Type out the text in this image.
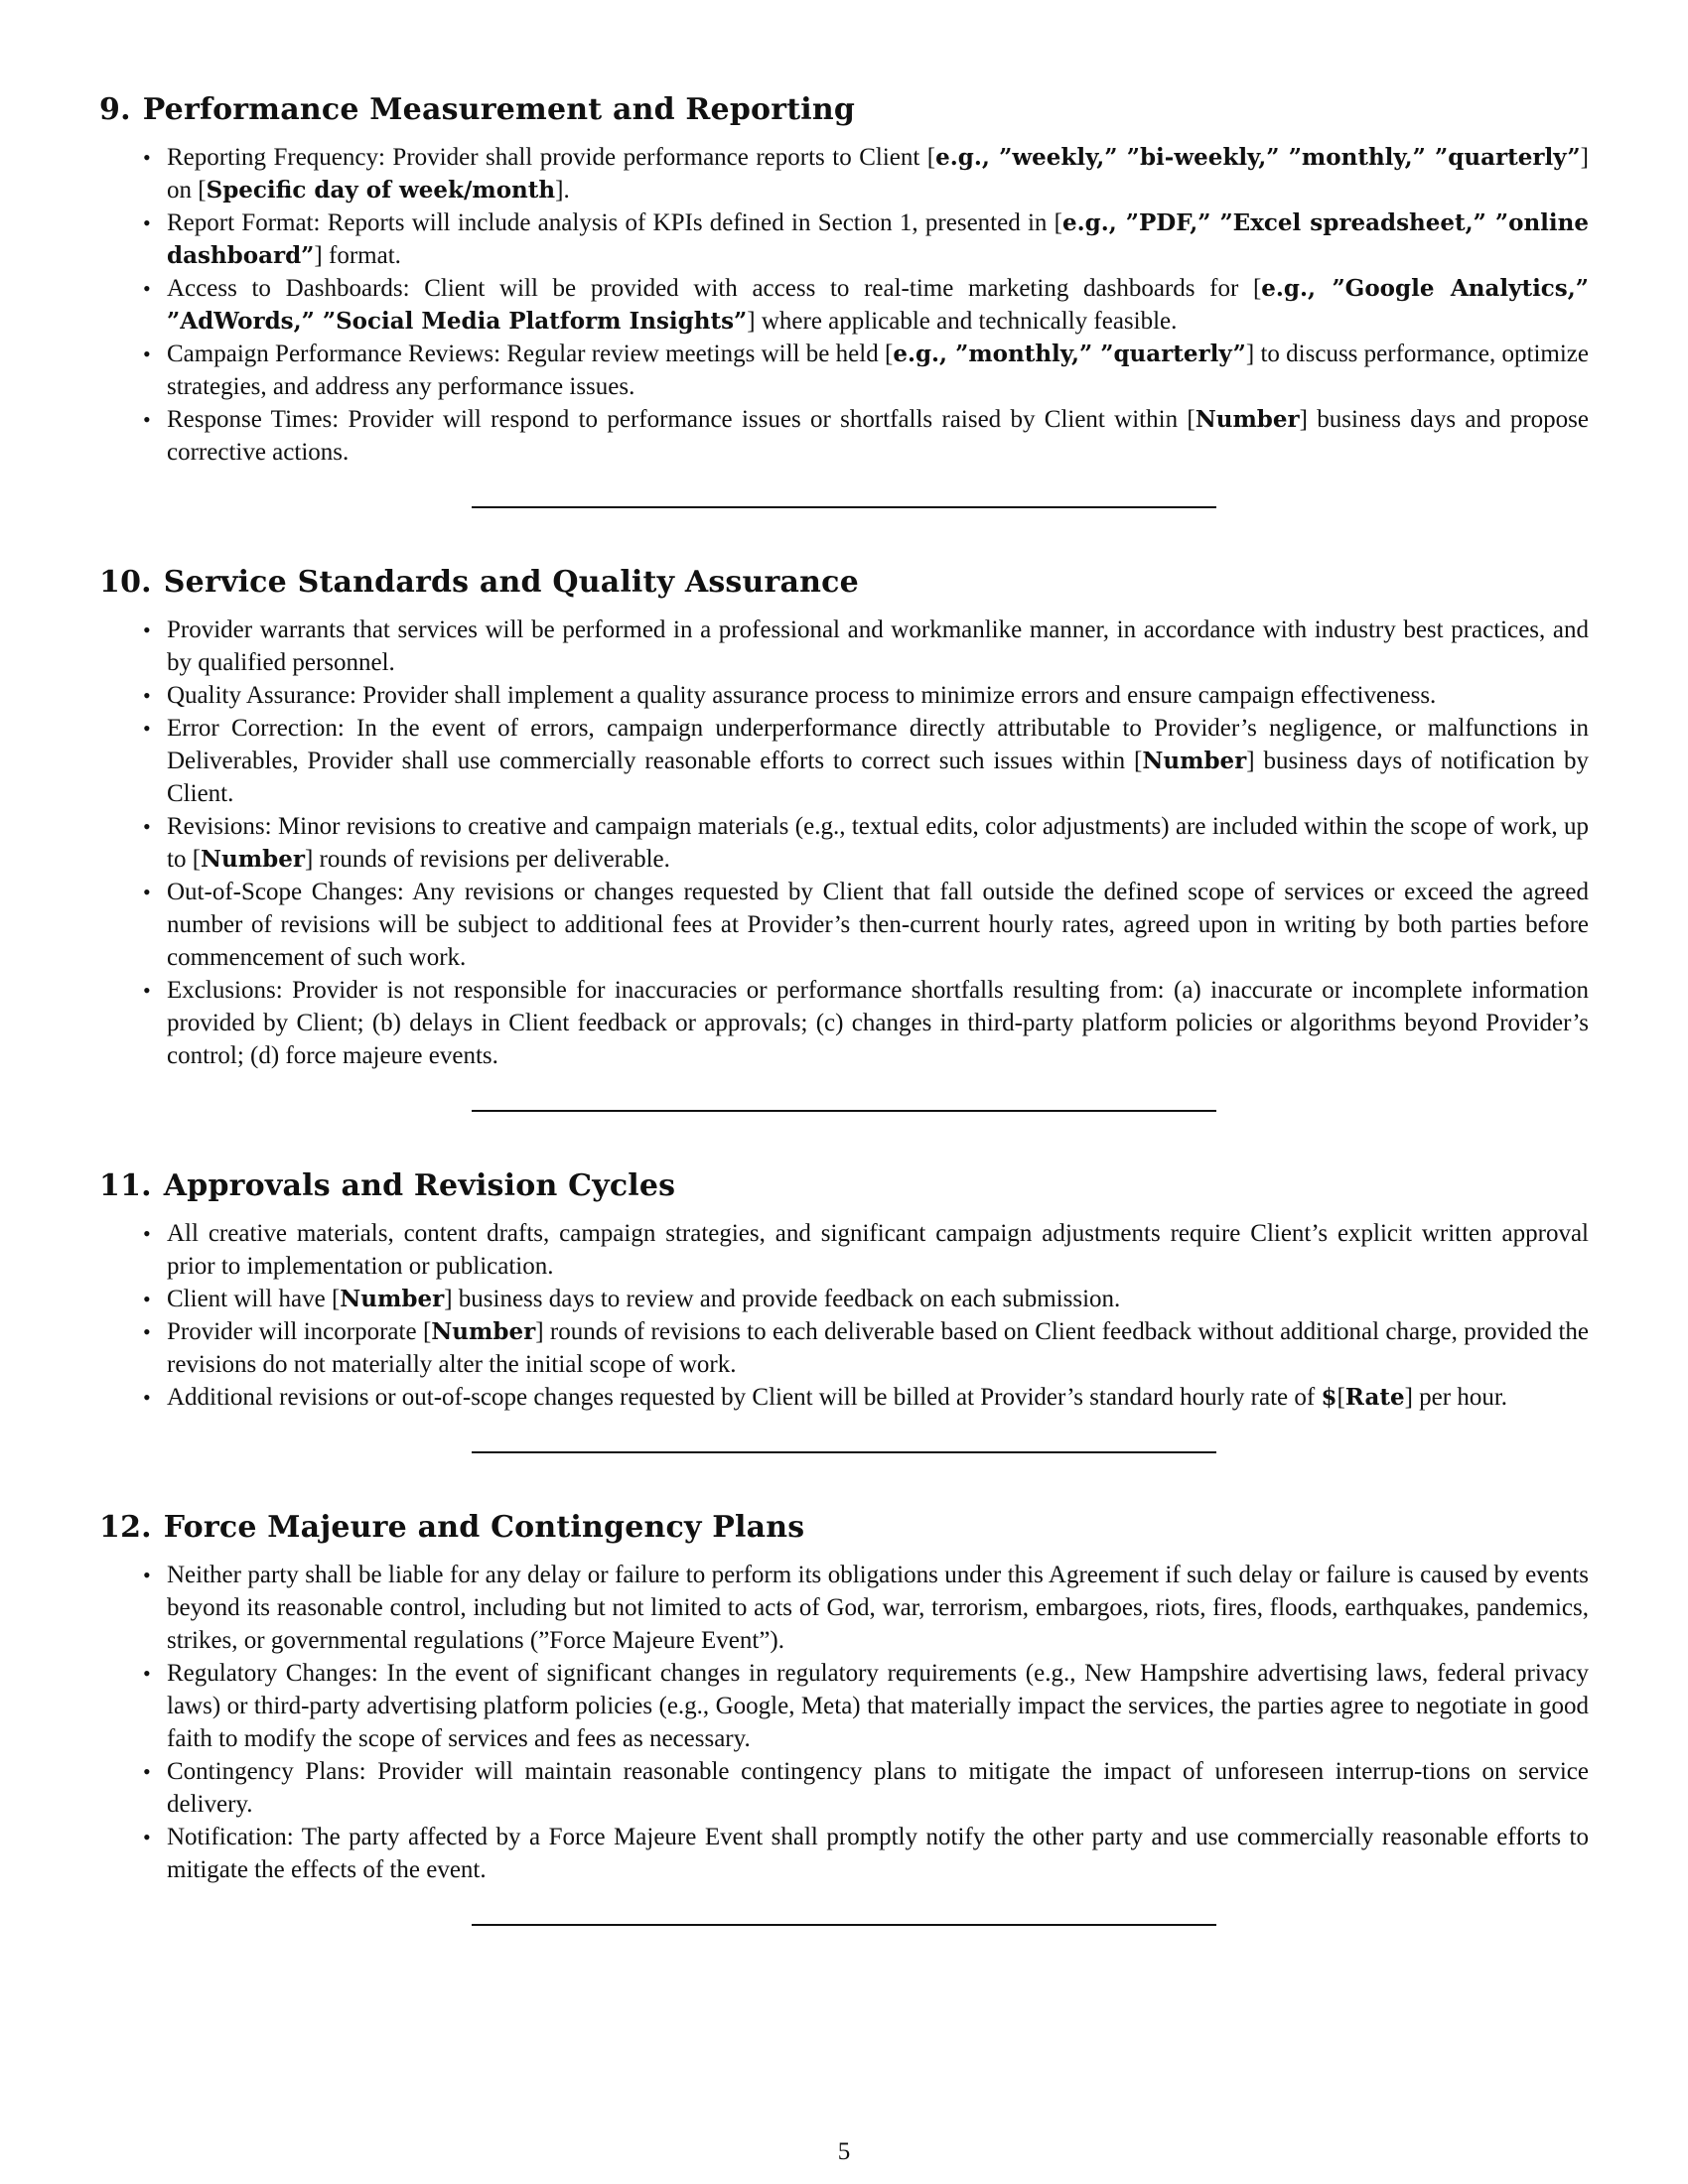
9. Performance Measurement and Reporting
• Reporting Frequency: Provider shall provide performance reports to Client [e.g., ”weekly,” ”bi-weekly,” ”monthly,” ”quarterly”] on [Specific day of week/month].
• Report Format: Reports will include analysis of KPIs defined in Section 1, presented in [e.g., ”PDF,” ”Excel spreadsheet,” ”online dashboard”] format.
• Access to Dashboards: Client will be provided with access to real-time marketing dashboards for [e.g., ”Google Analytics,” ”AdWords,” ”Social Media Platform Insights”] where applicable and technically feasible.
• Campaign Performance Reviews: Regular review meetings will be held [e.g., ”monthly,” ”quarterly”] to discuss performance, optimize strategies, and address any performance issues.
• Response Times: Provider will respond to performance issues or shortfalls raised by Client within [Number] business days and propose corrective actions.
10. Service Standards and Quality Assurance
• Provider warrants that services will be performed in a professional and workmanlike manner, in accordance with industry best practices, and by qualified personnel.
• Quality Assurance: Provider shall implement a quality assurance process to minimize errors and ensure campaign effectiveness.
• Error Correction: In the event of errors, campaign underperformance directly attributable to Provider’s negligence, or malfunctions in Deliverables, Provider shall use commercially reasonable efforts to correct such issues within [Number] business days of notification by Client.
• Revisions: Minor revisions to creative and campaign materials (e.g., textual edits, color adjustments) are included within the scope of work, up to [Number] rounds of revisions per deliverable.
• Out-of-Scope Changes: Any revisions or changes requested by Client that fall outside the defined scope of services or exceed the agreed number of revisions will be subject to additional fees at Provider’s then-current hourly rates, agreed upon in writing by both parties before commencement of such work.
• Exclusions: Provider is not responsible for inaccuracies or performance shortfalls resulting from: (a) inaccurate or incomplete information provided by Client; (b) delays in Client feedback or approvals; (c) changes in third-party platform policies or algorithms beyond Provider’s control; (d) force majeure events.
11. Approvals and Revision Cycles
• All creative materials, content drafts, campaign strategies, and significant campaign adjustments require Client’s explicit written approval prior to implementation or publication.
• Client will have [Number] business days to review and provide feedback on each submission.
• Provider will incorporate [Number] rounds of revisions to each deliverable based on Client feedback without additional charge, provided the revisions do not materially alter the initial scope of work.
• Additional revisions or out-of-scope changes requested by Client will be billed at Provider’s standard hourly rate of $[Rate] per hour.
12. Force Majeure and Contingency Plans
• Neither party shall be liable for any delay or failure to perform its obligations under this Agreement if such delay or failure is caused by events beyond its reasonable control, including but not limited to acts of God, war, terrorism, embargoes, riots, fires, floods, earthquakes, pandemics, strikes, or governmental regulations (”Force Majeure Event”).
• Regulatory Changes: In the event of significant changes in regulatory requirements (e.g., New Hampshire advertising laws, federal privacy laws) or third-party advertising platform policies (e.g., Google, Meta) that materially impact the services, the parties agree to negotiate in good faith to modify the scope of services and fees as necessary.
• Contingency Plans: Provider will maintain reasonable contingency plans to mitigate the impact of unforeseen interrup-tions on service delivery.
• Notification: The party affected by a Force Majeure Event shall promptly notify the other party and use commercially reasonable efforts to mitigate the effects of the event.
5
